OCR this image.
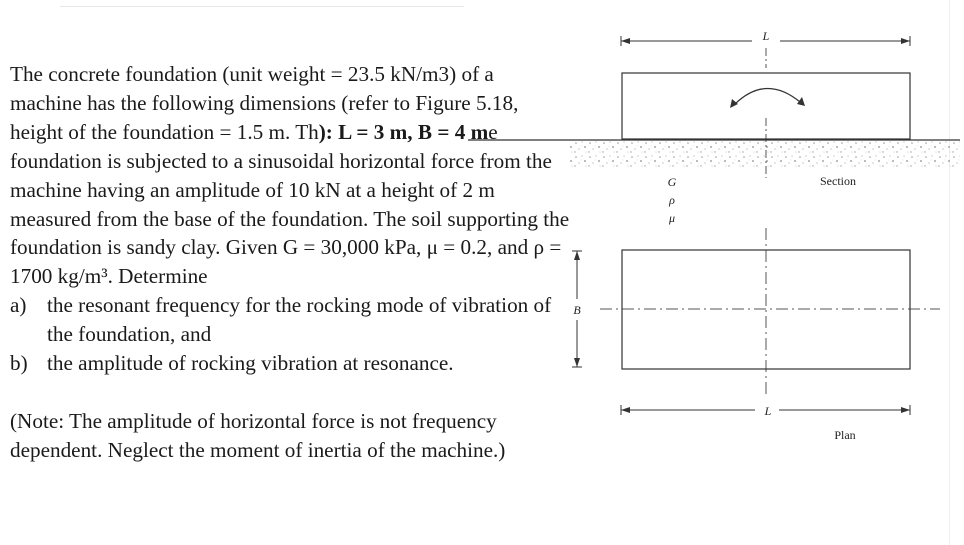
The concrete foundation (unit weight = 23.5 kN/m3) of a machine has the following dimensions (refer to Figure 5.18, height of the foundation = 1.5 m. Th): L = 3 m, B = 4 me foundation is subjected to a sinusoidal horizontal force from the machine having an amplitude of 10 kN at a height of 2 m measured from the base of the foundation. The soil supporting the foundation is sandy clay. Given G = 30,000 kPa, μ = 0.2, and ρ = 1700 kg/m³. Determine

a) the resonant frequency for the rocking mode of vibration of the foundation, and

b) the amplitude of rocking vibration at resonance.

(Note: The amplitude of horizontal force is not frequency dependent. Neglect the moment of inertia of the machine.)

L
G
ρ
μ
Section
B
L
Plan
